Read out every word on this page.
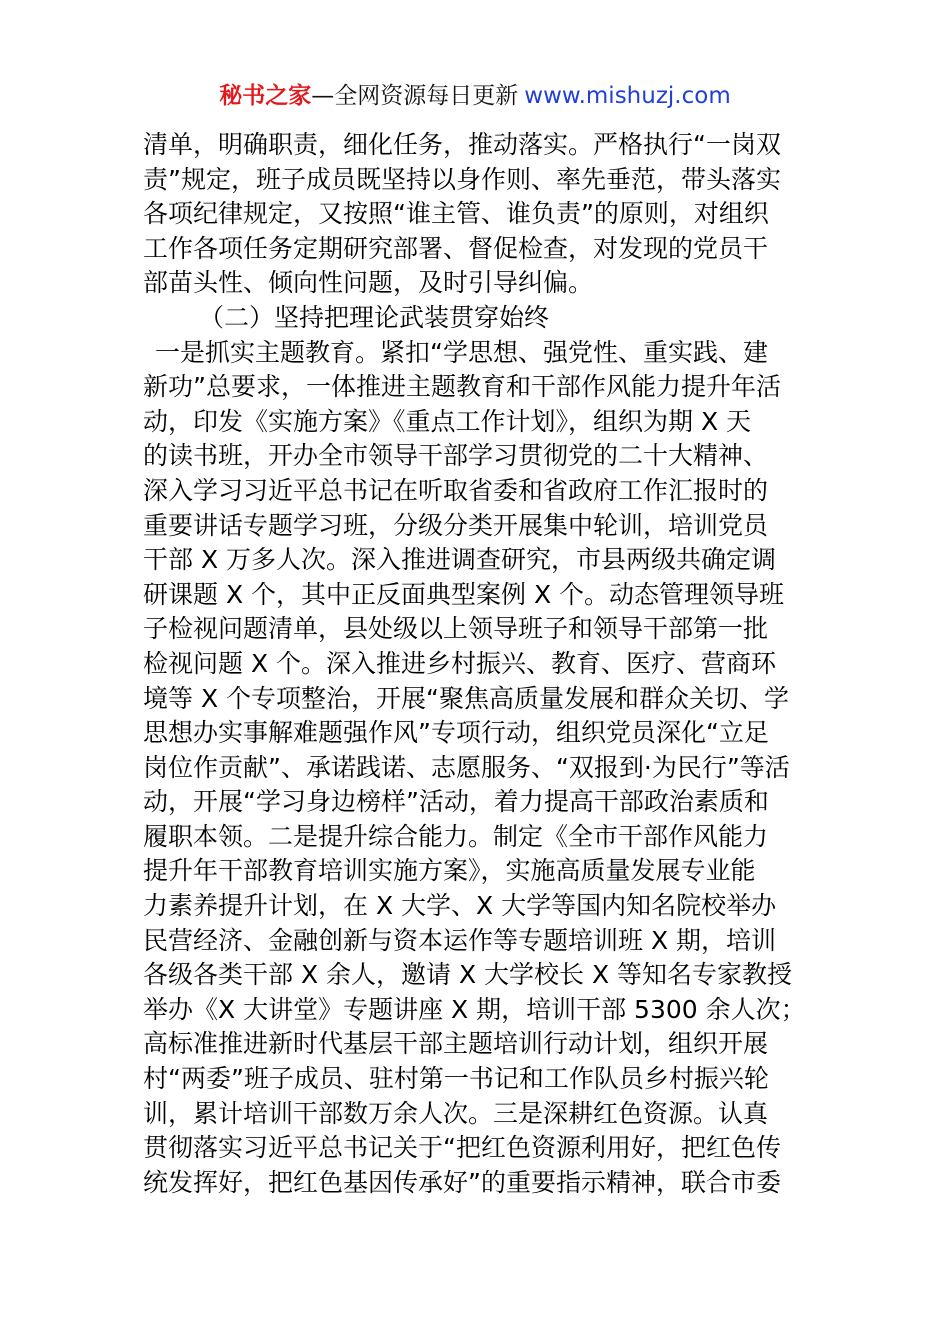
秘书之家—全网资源每日更新 www.mishuzj.com
清单，明确职责，细化任务，推动落实。严格执行“一岗双
责”规定，班子成员既坚持以身作则、率先垂范，带头落实
各项纪律规定，又按照“谁主管、谁负责”的原则，对组织
工作各项任务定期研究部署、督促检查，对发现的党员干
部苗头性、倾向性问题，及时引导纠偏。
（二）坚持把理论武装贯穿始终
一是抓实主题教育。紧扣“学思想、强党性、重实践、建
新功”总要求，一体推进主题教育和干部作风能力提升年活
动，印发《实施方案》《重点工作计划》，组织为期 X 天
的读书班，开办全市领导干部学习贯彻党的二十大精神、
深入学习习近平总书记在听取省委和省政府工作汇报时的
重要讲话专题学习班，分级分类开展集中轮训，培训党员
干部 X 万多人次。深入推进调查研究，市县两级共确定调
研课题 X 个，其中正反面典型案例 X 个。动态管理领导班
子检视问题清单，县处级以上领导班子和领导干部第一批
检视问题 X 个。深入推进乡村振兴、教育、医疗、营商环
境等 X 个专项整治，开展“聚焦高质量发展和群众关切、学
思想办实事解难题强作风”专项行动，组织党员深化“立足
岗位作贡献”、承诺践诺、志愿服务、“双报到·为民行”等活
动，开展“学习身边榜样”活动，着力提高干部政治素质和
履职本领。二是提升综合能力。制定《全市干部作风能力
提升年干部教育培训实施方案》，实施高质量发展专业能
力素养提升计划，在 X 大学、X 大学等国内知名院校举办
民营经济、金融创新与资本运作等专题培训班 X 期，培训
各级各类干部 X 余人，邀请 X 大学校长 X 等知名专家教授
举办《X 大讲堂》专题讲座 X 期，培训干部 5300 余人次；
高标准推进新时代基层干部主题培训行动计划，组织开展
村“两委”班子成员、驻村第一书记和工作队员乡村振兴轮
训，累计培训干部数万余人次。三是深耕红色资源。认真
贯彻落实习近平总书记关于“把红色资源利用好，把红色传
统发挥好，把红色基因传承好”的重要指示精神，联合市委
